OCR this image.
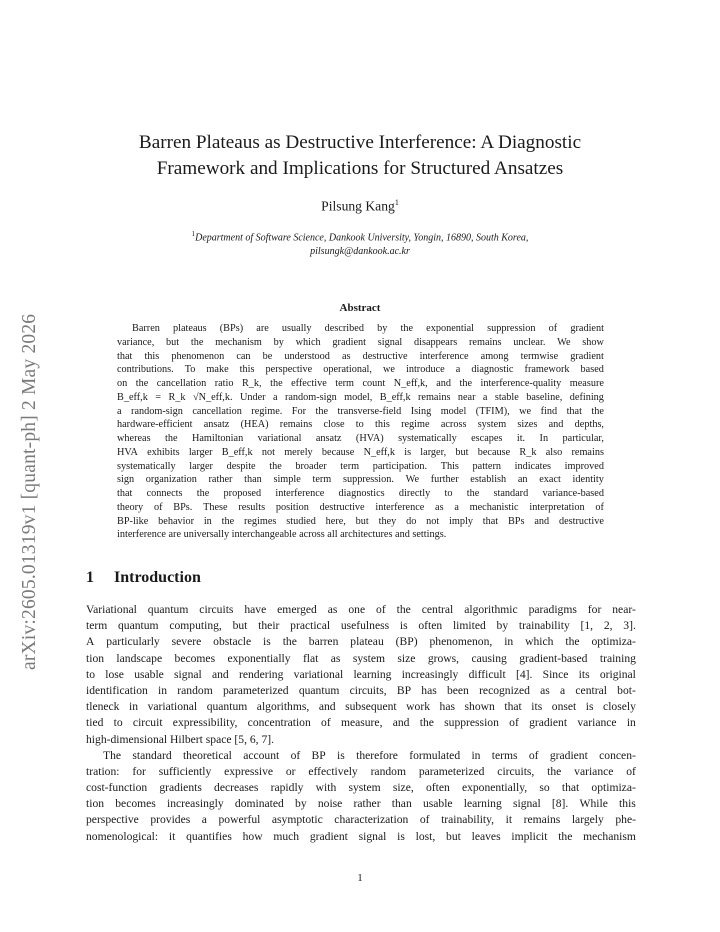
arXiv:2605.01319v1 [quant-ph] 2 May 2026
Barren Plateaus as Destructive Interference: A Diagnostic
Framework and Implications for Structured Ansatzes
Pilsung Kang$^1$
$^1$Department of Software Science, Dankook University, Yongin, 16890, South Korea,
pilsungk@dankook.ac.kr
Abstract
Barren plateaus (BPs) are usually described by the exponential suppression of gradient
variance, but the mechanism by which gradient signal disappears remains unclear. We show
that this phenomenon can be understood as destructive interference among termwise gradient
contributions. To make this perspective operational, we introduce a diagnostic framework based
on the cancellation ratio R_k, the effective term count N_eff,k, and the interference-quality measure
B_eff,k = R_k √N_eff,k. Under a random-sign model, B_eff,k remains near a stable baseline, defining
a random-sign cancellation regime. For the transverse-field Ising model (TFIM), we find that the
hardware-efficient ansatz (HEA) remains close to this regime across system sizes and depths,
whereas the Hamiltonian variational ansatz (HVA) systematically escapes it. In particular,
HVA exhibits larger B_eff,k not merely because N_eff,k is larger, but because R_k also remains
systematically larger despite the broader term participation. This pattern indicates improved
sign organization rather than simple term suppression. We further establish an exact identity
that connects the proposed interference diagnostics directly to the standard variance-based
theory of BPs. These results position destructive interference as a mechanistic interpretation of
BP-like behavior in the regimes studied here, but they do not imply that BPs and destructive
interference are universally interchangeable across all architectures and settings.
1 Introduction
Variational quantum circuits have emerged as one of the central algorithmic paradigms for near-
term quantum computing, but their practical usefulness is often limited by trainability [1, 2, 3].
A particularly severe obstacle is the barren plateau (BP) phenomenon, in which the optimiza-
tion landscape becomes exponentially flat as system size grows, causing gradient-based training
to lose usable signal and rendering variational learning increasingly difficult [4]. Since its original
identification in random parameterized quantum circuits, BP has been recognized as a central bot-
tleneck in variational quantum algorithms, and subsequent work has shown that its onset is closely
tied to circuit expressibility, concentration of measure, and the suppression of gradient variance in
high-dimensional Hilbert space [5, 6, 7].
The standard theoretical account of BP is therefore formulated in terms of gradient concen-
tration: for sufficiently expressive or effectively random parameterized circuits, the variance of
cost-function gradients decreases rapidly with system size, often exponentially, so that optimiza-
tion becomes increasingly dominated by noise rather than usable learning signal [8]. While this
perspective provides a powerful asymptotic characterization of trainability, it remains largely phe-
nomenological: it quantifies how much gradient signal is lost, but leaves implicit the mechanism
1
